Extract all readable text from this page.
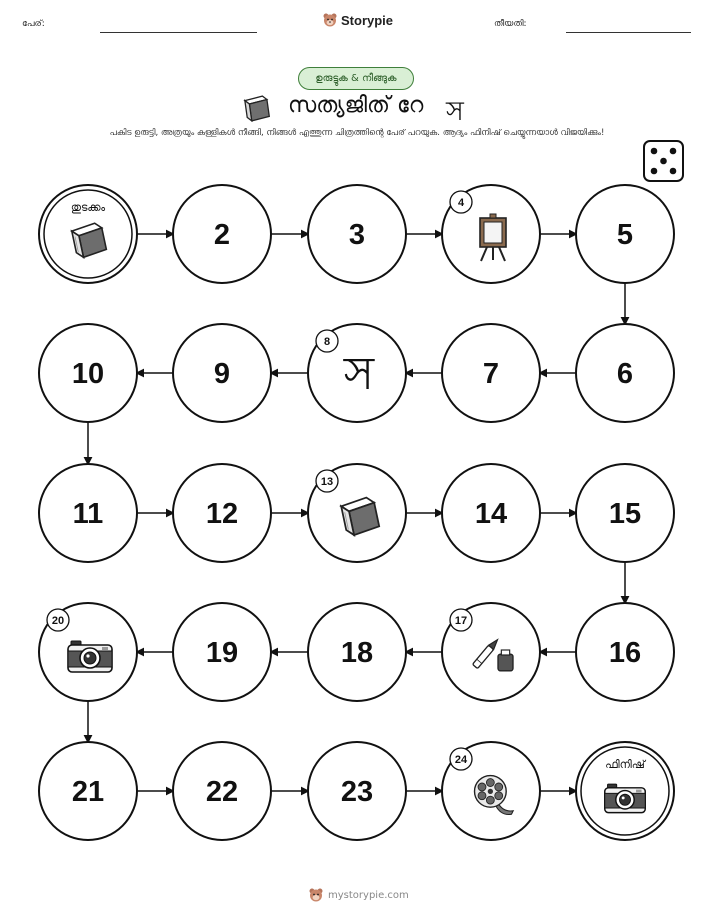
പേര്:	Storypie	തീയതി:
ഉരുട്ടുക & നീങ്ങുക
സത്യജിത് റേ স
പകിട ഉരുട്ടി, അത്രയും കള്ളികൾ നീങ്ങി, നിങ്ങൾ എത്തുന്ന ചിത്രത്തിന്റെ പേര് പറയുക. ആദ്യം ഫിനിഷ് ചെയ്യുന്നയാൾ വിജയിക്കും!
തുടക്കം
2	3
4
5
6
7
স
8
9
10
11	12
13
14	15
16
17
18
19
20
21	22	23
24	ഫിനിഷ്
mystorypie.com
